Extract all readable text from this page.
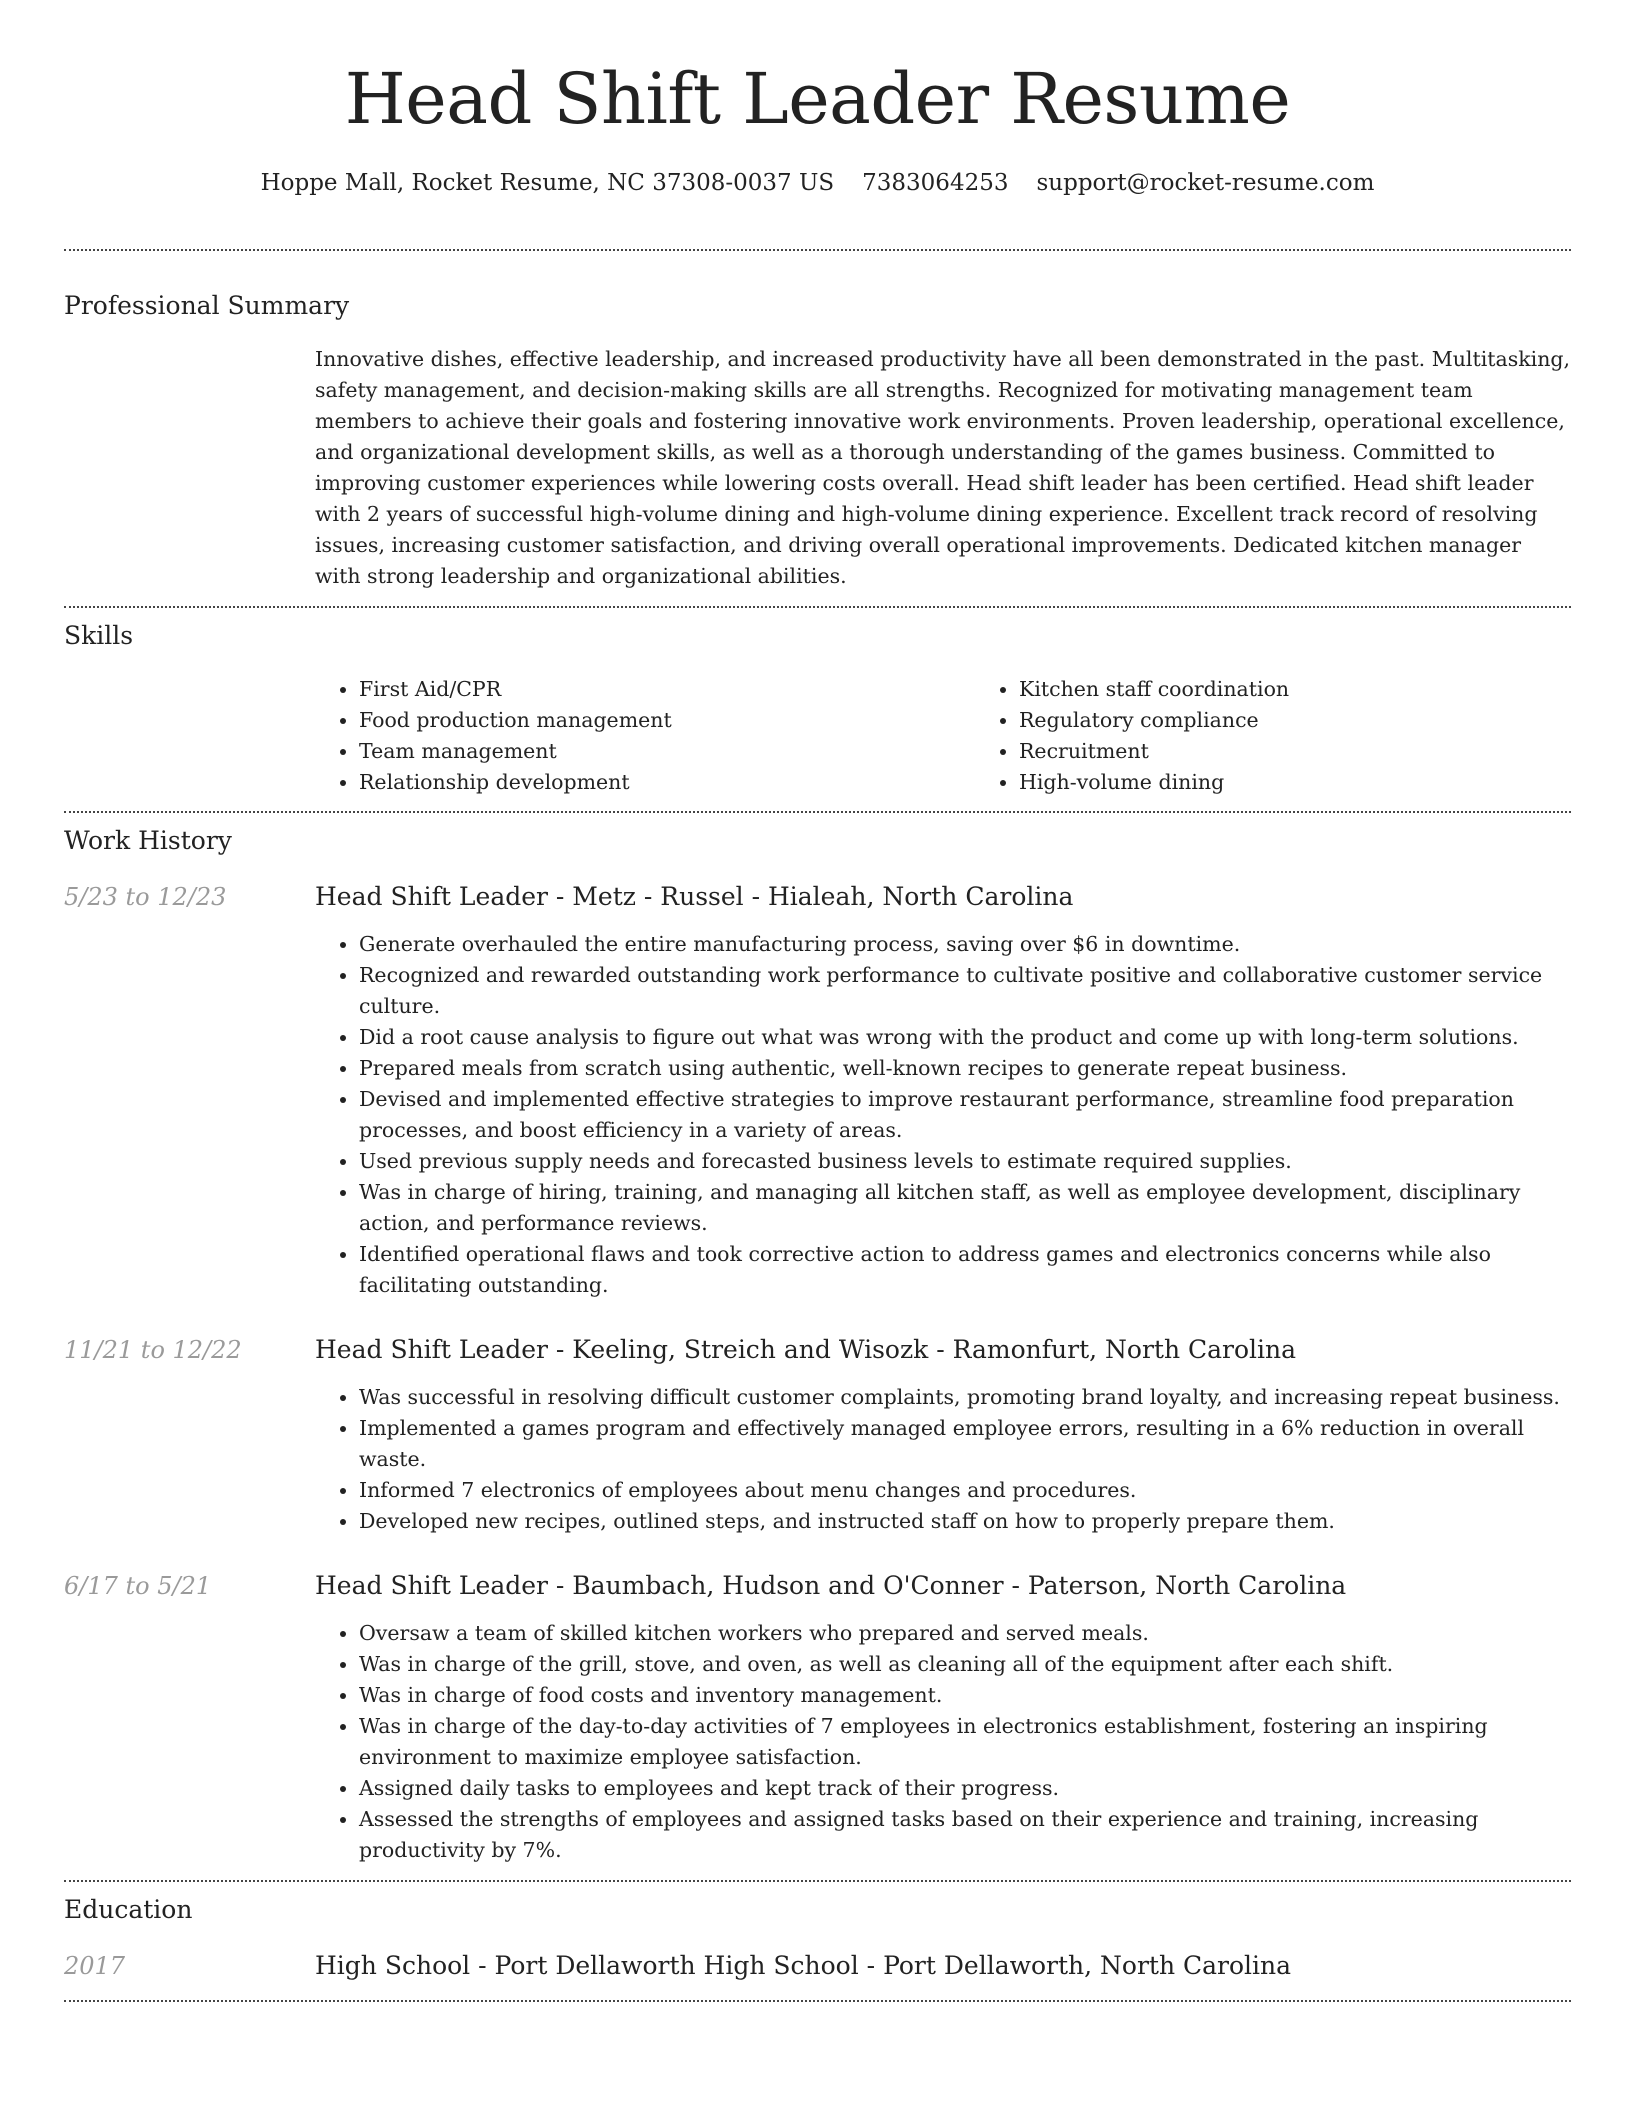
Head Shift Leader Resume
Hoppe Mall, Rocket Resume, NC 37308-0037 US 7383064253 support@rocket-resume.com
Professional Summary
Innovative dishes, effective leadership, and increased productivity have all been demonstrated in the past. Multitasking, safety management, and decision-making skills are all strengths. Recognized for motivating management team members to achieve their goals and fostering innovative work environments. Proven leadership, operational excellence, and organizational development skills, as well as a thorough understanding of the games business. Committed to improving customer experiences while lowering costs overall. Head shift leader has been certified. Head shift leader with 2 years of successful high-volume dining and high-volume dining experience. Excellent track record of resolving issues, increasing customer satisfaction, and driving overall operational improvements. Dedicated kitchen manager with strong leadership and organizational abilities.
Skills
• First Aid/CPR
• Food production management
• Team management
• Relationship development
• Kitchen staff coordination
• Regulatory compliance
• Recruitment
• High-volume dining
Work History
5/23 to 12/23	Head Shift Leader - Metz - Russel - Hialeah, North Carolina
• Generate overhauled the entire manufacturing process, saving over $6 in downtime.
• Recognized and rewarded outstanding work performance to cultivate positive and collaborative customer service culture.
• Did a root cause analysis to figure out what was wrong with the product and come up with long-term solutions.
• Prepared meals from scratch using authentic, well-known recipes to generate repeat business.
• Devised and implemented effective strategies to improve restaurant performance, streamline food preparation processes, and boost efficiency in a variety of areas.
• Used previous supply needs and forecasted business levels to estimate required supplies.
• Was in charge of hiring, training, and managing all kitchen staff, as well as employee development, disciplinary action, and performance reviews.
• Identified operational flaws and took corrective action to address games and electronics concerns while also facilitating outstanding.
11/21 to 12/22	Head Shift Leader - Keeling, Streich and Wisozk - Ramonfurt, North Carolina
• Was successful in resolving difficult customer complaints, promoting brand loyalty, and increasing repeat business.
• Implemented a games program and effectively managed employee errors, resulting in a 6% reduction in overall waste.
• Informed 7 electronics of employees about menu changes and procedures.
• Developed new recipes, outlined steps, and instructed staff on how to properly prepare them.
6/17 to 5/21	Head Shift Leader - Baumbach, Hudson and O'Conner - Paterson, North Carolina
• Oversaw a team of skilled kitchen workers who prepared and served meals.
• Was in charge of the grill, stove, and oven, as well as cleaning all of the equipment after each shift.
• Was in charge of food costs and inventory management.
• Was in charge of the day-to-day activities of 7 employees in electronics establishment, fostering an inspiring environment to maximize employee satisfaction.
• Assigned daily tasks to employees and kept track of their progress.
• Assessed the strengths of employees and assigned tasks based on their experience and training, increasing productivity by 7%.
Education
2017	High School - Port Dellaworth High School - Port Dellaworth, North Carolina
